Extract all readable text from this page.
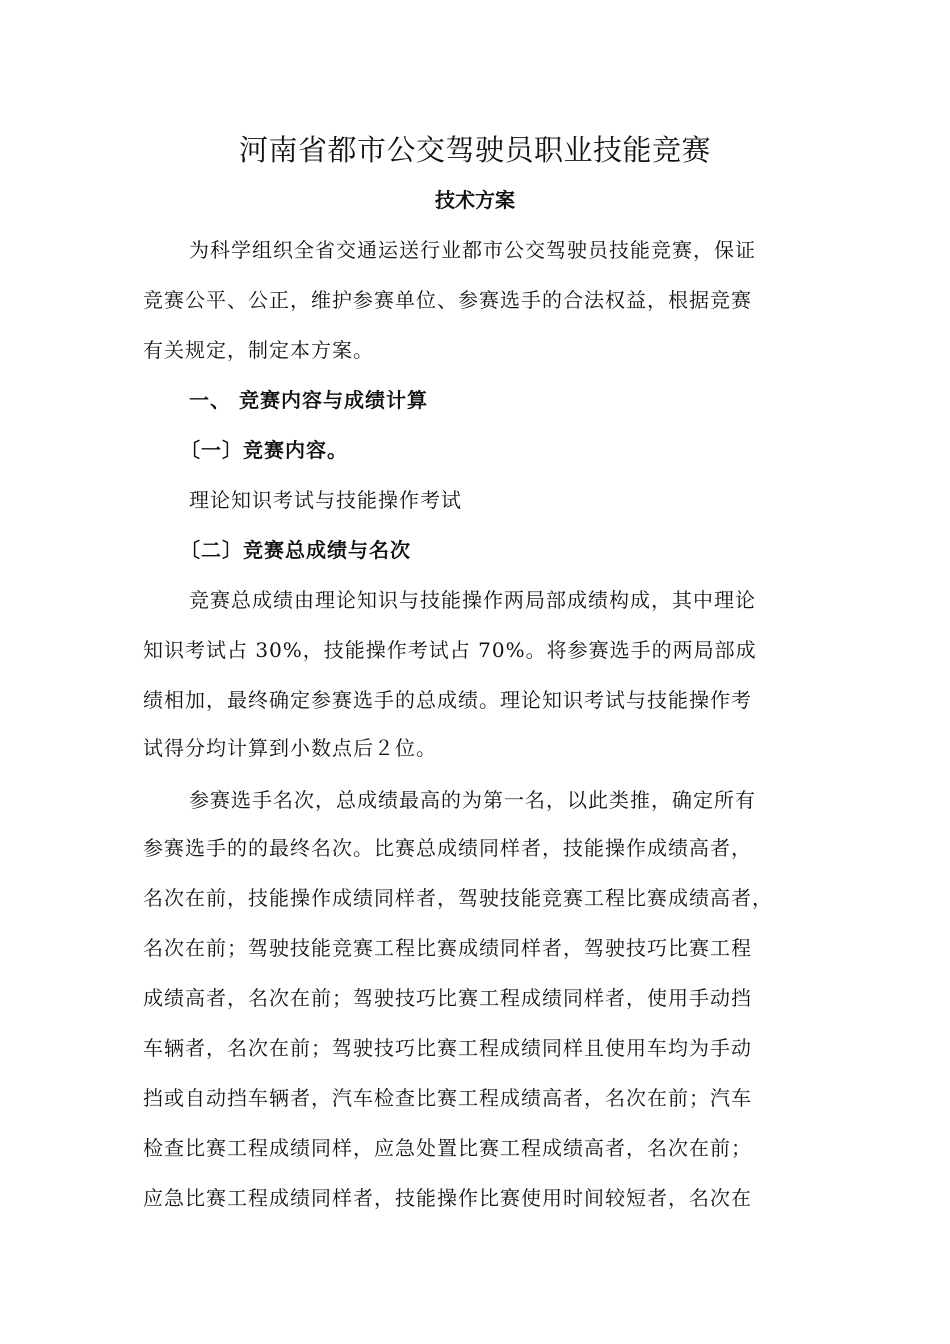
河南省都市公交驾驶员职业技能竞赛
技术方案
为科学组织全省交通运送行业都市公交驾驶员技能竞赛，保证
竞赛公平、公正，维护参赛单位、参赛选手的合法权益，根据竞赛
有关规定，制定本方案。
一、 竞赛内容与成绩计算
〔一〕竞赛内容。
理论知识考试与技能操作考试
〔二〕竞赛总成绩与名次
竞赛总成绩由理论知识与技能操作两局部成绩构成，其中理论
知识考试占 30%，技能操作考试占 70%。将参赛选手的两局部成
绩相加，最终确定参赛选手的总成绩。理论知识考试与技能操作考
试得分均计算到小数点后２位。
参赛选手名次，总成绩最高的为第一名，以此类推，确定所有
参赛选手的的最终名次。比赛总成绩同样者，技能操作成绩高者，
名次在前，技能操作成绩同样者，驾驶技能竞赛工程比赛成绩高者，
名次在前；驾驶技能竞赛工程比赛成绩同样者，驾驶技巧比赛工程
成绩高者，名次在前；驾驶技巧比赛工程成绩同样者，使用手动挡
车辆者，名次在前；驾驶技巧比赛工程成绩同样且使用车均为手动
挡或自动挡车辆者，汽车检查比赛工程成绩高者，名次在前；汽车
检查比赛工程成绩同样，应急处置比赛工程成绩高者，名次在前；
应急比赛工程成绩同样者，技能操作比赛使用时间较短者，名次在
